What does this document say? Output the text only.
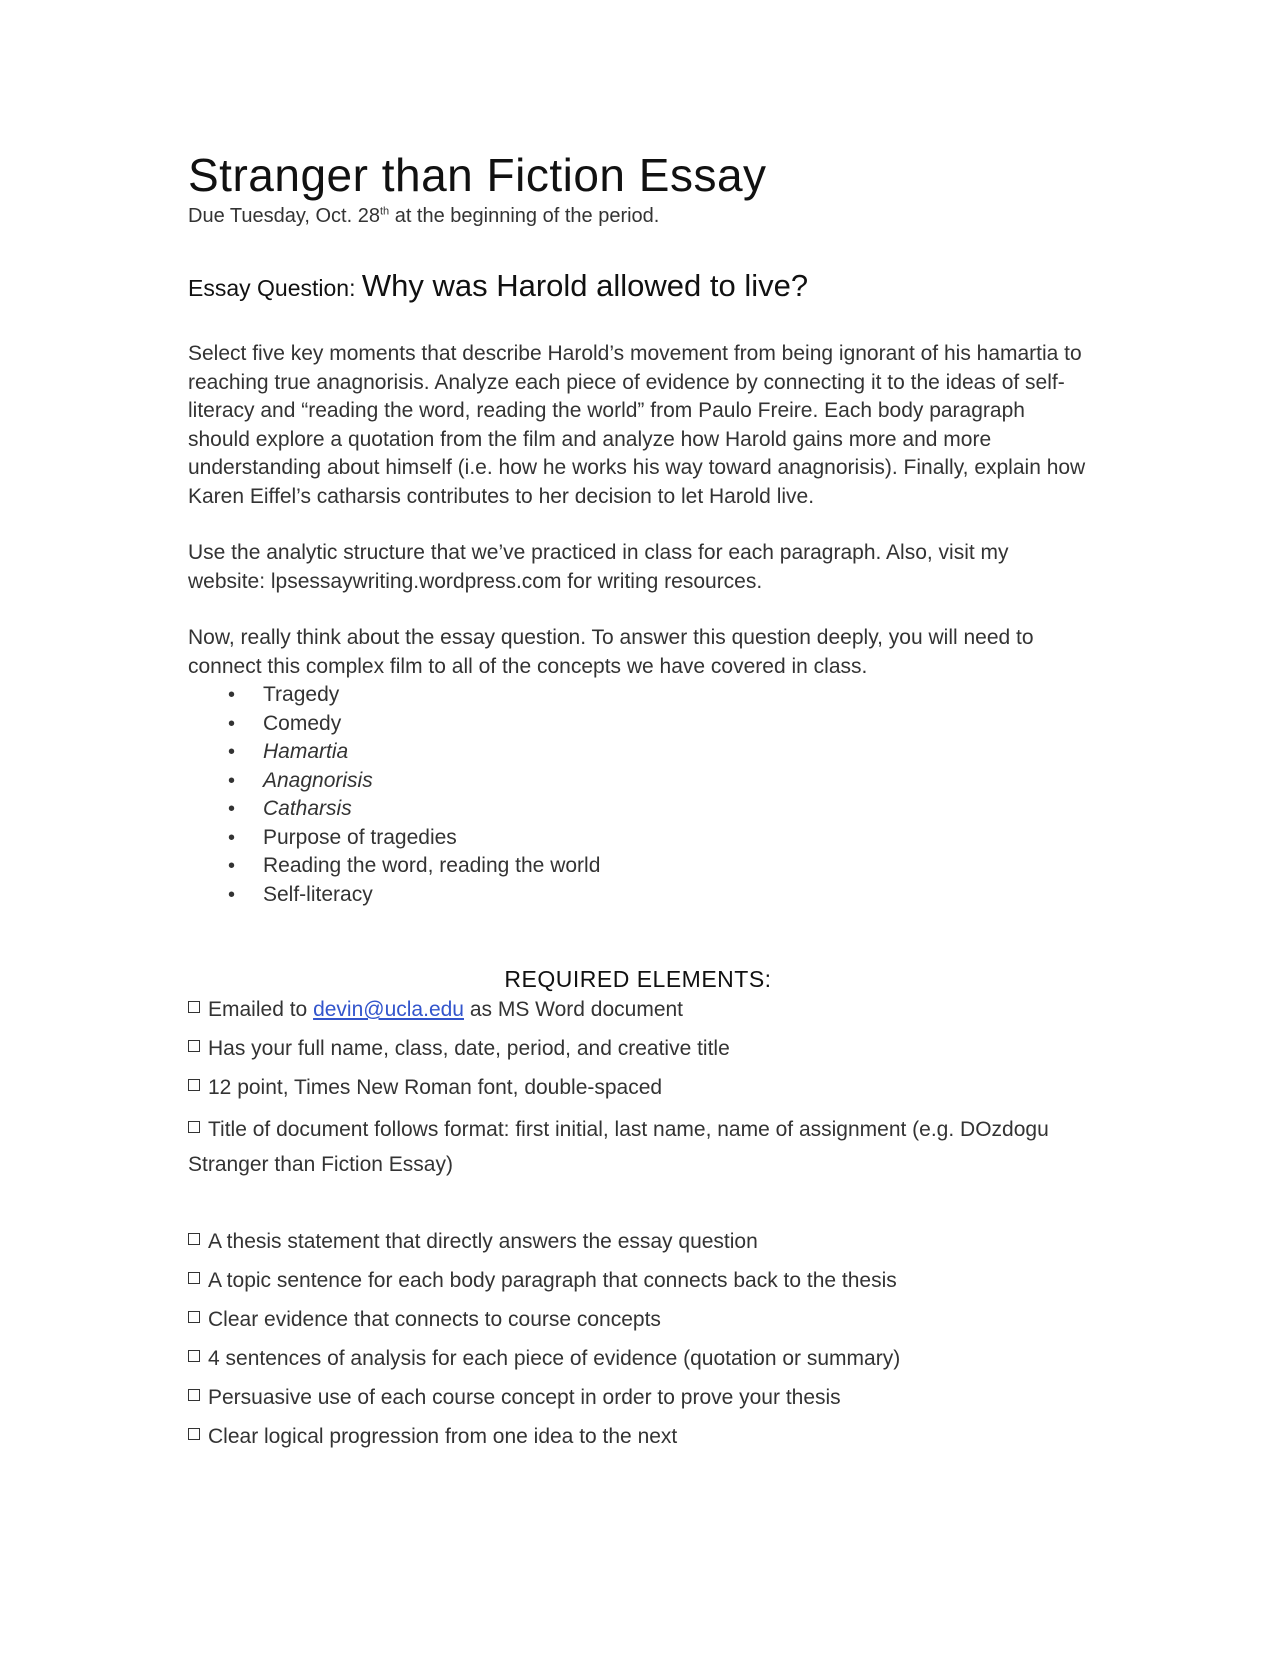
Stranger than Fiction Essay

Due Tuesday, Oct. 28th at the beginning of the period.

Essay Question: Why was Harold allowed to live?

Select five key moments that describe Harold’s movement from being ignorant of his hamartia to reaching true anagnorisis. Analyze each piece of evidence by connecting it to the ideas of self-literacy and “reading the word, reading the world” from Paulo Freire. Each body paragraph should explore a quotation from the film and analyze how Harold gains more and more understanding about himself (i.e. how he works his way toward anagnorisis). Finally, explain how Karen Eiffel’s catharsis contributes to her decision to let Harold live.

Use the analytic structure that we’ve practiced in class for each paragraph. Also, visit my website: lpsessaywriting.wordpress.com for writing resources.

Now, really think about the essay question. To answer this question deeply, you will need to connect this complex film to all of the concepts we have covered in class.

• Tragedy
• Comedy
• Hamartia
• Anagnorisis
• Catharsis
• Purpose of tragedies
• Reading the word, reading the world
• Self-literacy
REQUIRED ELEMENTS:
Emailed to devin@ucla.edu as MS Word document
Has your full name, class, date, period, and creative title
12 point, Times New Roman font, double-spaced
Title of document follows format: first initial, last name, name of assignment (e.g. DOzdogu Stranger than Fiction Essay)
A thesis statement that directly answers the essay question
A topic sentence for each body paragraph that connects back to the thesis
Clear evidence that connects to course concepts
4 sentences of analysis for each piece of evidence (quotation or summary)
Persuasive use of each course concept in order to prove your thesis
Clear logical progression from one idea to the next
